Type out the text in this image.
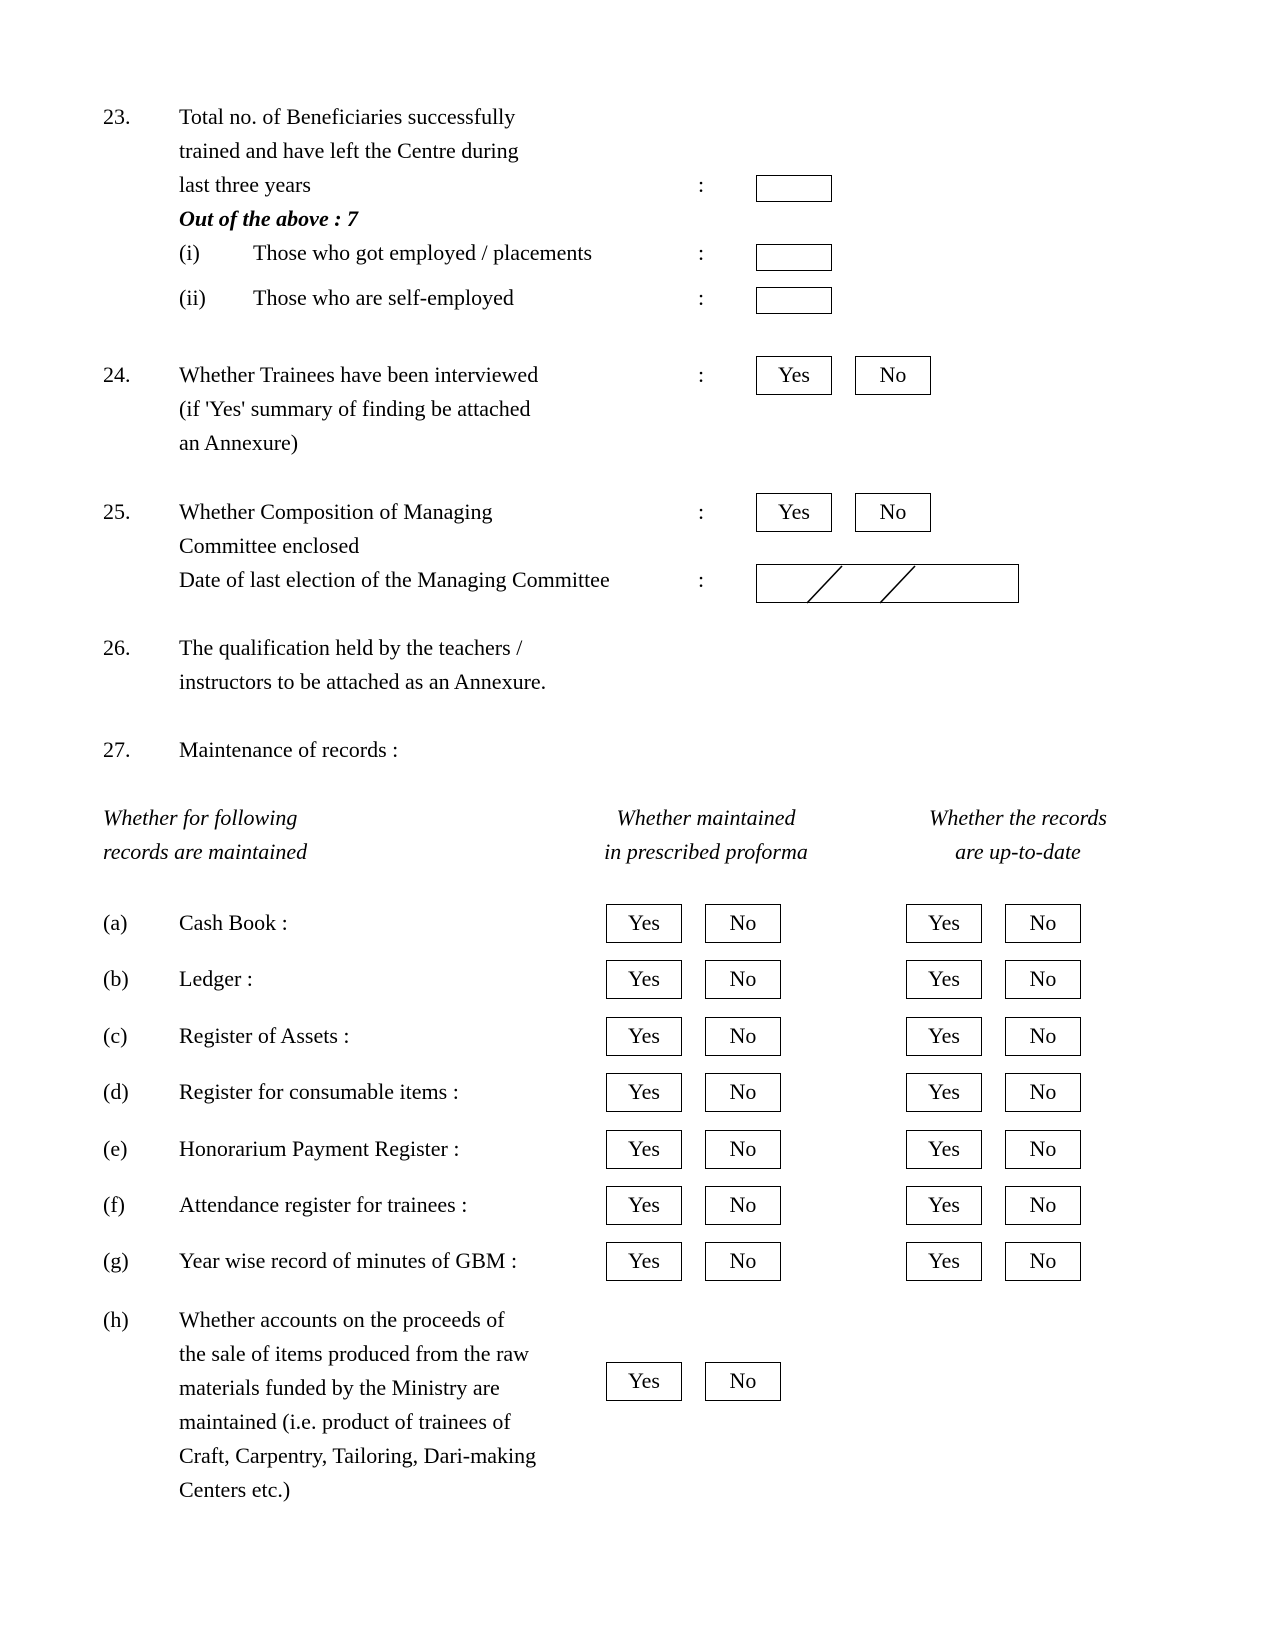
23. Total no. of Beneficiaries successfully
trained and have left the Centre during
last three years	:
Out of the above : 7
(i) Those who got employed / placements	:
(ii) Those who are self-employed	:
24. Whether Trainees have been interviewed
(if 'Yes' summary of finding be attached
an Annexure)
:	Yes	No
25. Whether Composition of Managing
Committee enclosed
:	Yes	No
Date of last election of the Managing Committee	:
26. The qualification held by the teachers /
instructors to be attached as an Annexure.
27. Maintenance of records :
Whether for following
records are maintained
Whether maintained
in prescribed proforma
Whether the records
are up-to-date
(a) Cash Book :	Yes	No	Yes	No
(b) Ledger :	Yes	No	Yes	No
(c) Register of Assets :	Yes	No	Yes	No
(d) Register for consumable items :	Yes	No	Yes	No
(e) Honorarium Payment Register :	Yes	No	Yes	No
(f) Attendance register for trainees :	Yes	No	Yes	No
(g) Year wise record of minutes of GBM :	Yes	No	Yes	No
(h) Whether accounts on the proceeds of
the sale of items produced from the raw
materials funded by the Ministry are
maintained (i.e. product of trainees of
Craft, Carpentry, Tailoring, Dari-making
Centers etc.)
Yes	No
